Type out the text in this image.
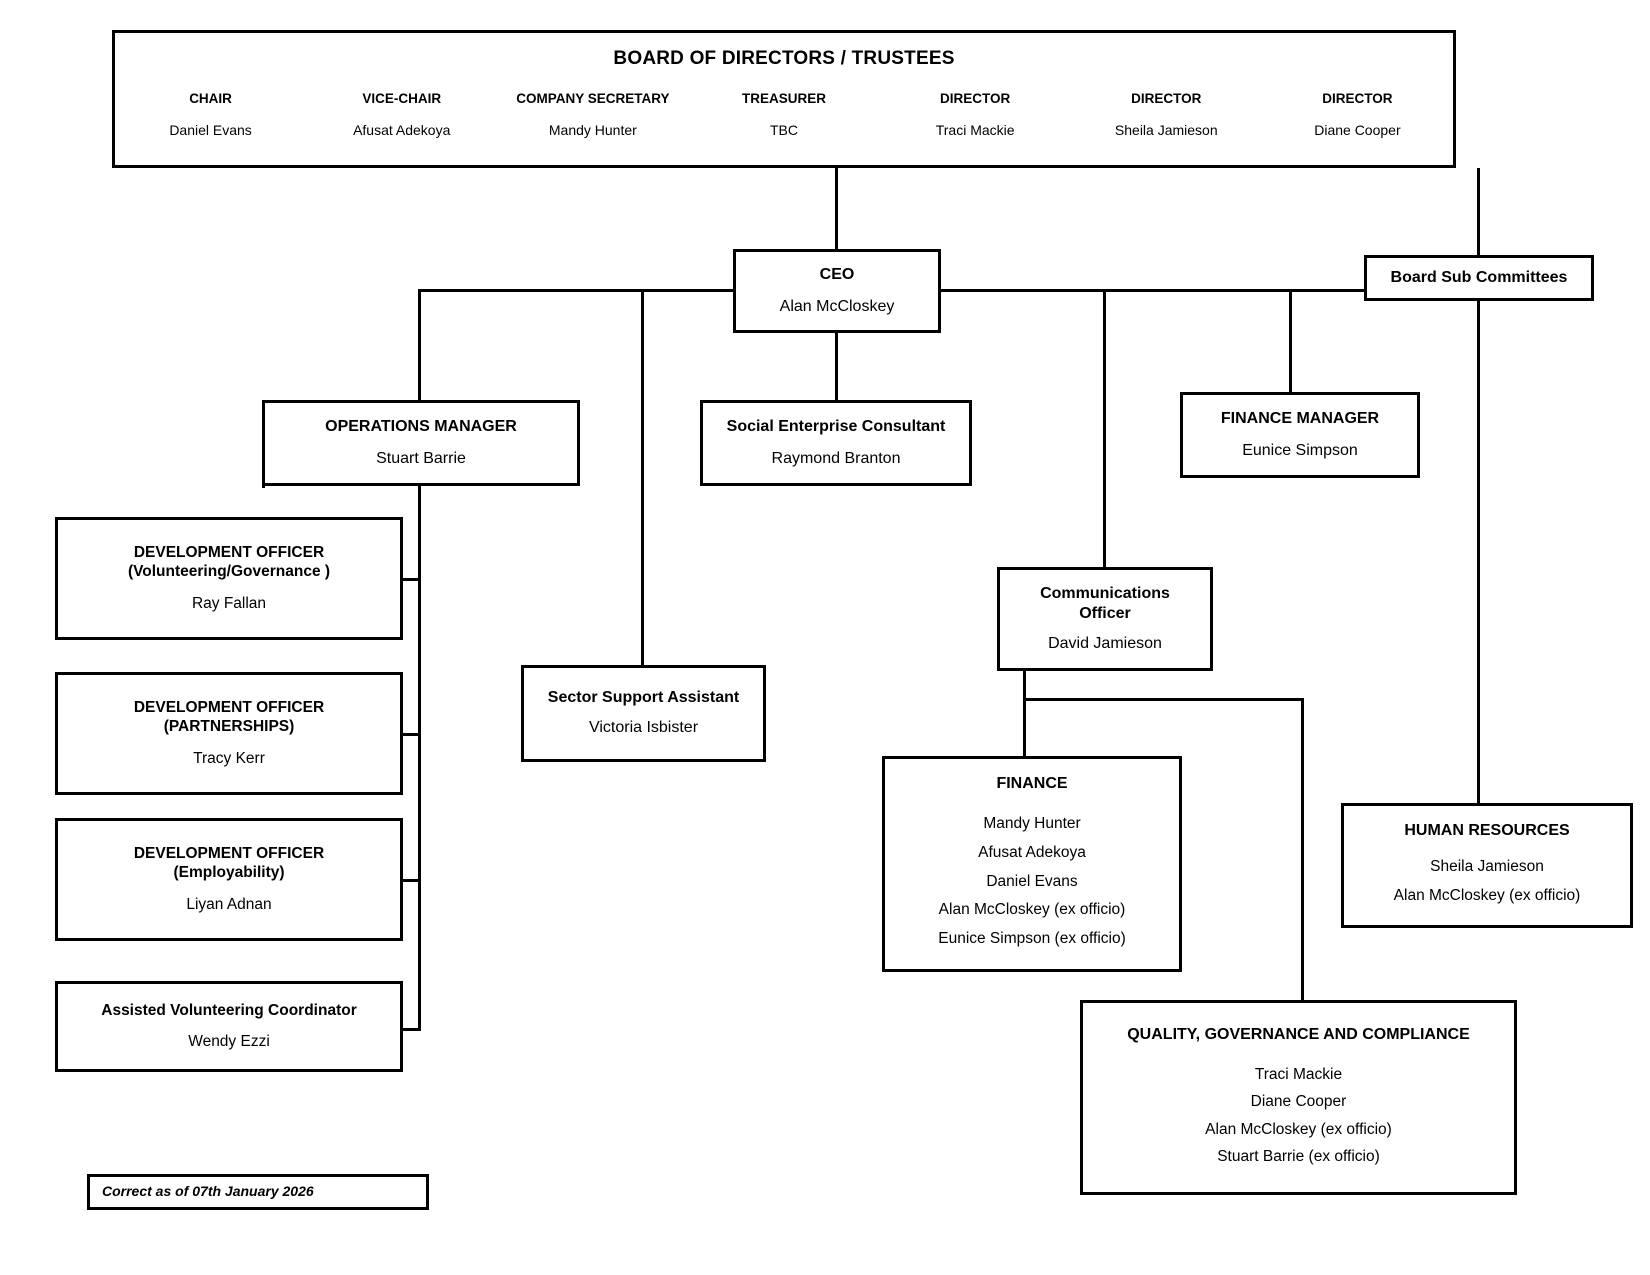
BOARD OF DIRECTORS / TRUSTEES
CHAIR	VICE-CHAIR	COMPANY SECRETARY	TREASURER	DIRECTOR	DIRECTOR	DIRECTOR
Daniel Evans	Afusat Adekoya	Mandy Hunter	TBC	Traci Mackie	Sheila Jamieson	Diane Cooper
CEO
Alan McCloskey
Board Sub Committees
OPERATIONS MANAGER
Stuart Barrie
Social Enterprise Consultant
Raymond Branton
FINANCE MANAGER
Eunice Simpson
Communications
Officer
David Jamieson
DEVELOPMENT OFFICER
(Volunteering/Governance )
Ray Fallan
DEVELOPMENT OFFICER
(PARTNERSHIPS)
Tracy Kerr
DEVELOPMENT OFFICER
(Employability)
Liyan Adnan
Assisted Volunteering Coordinator
Wendy Ezzi
Sector Support Assistant
Victoria Isbister
FINANCE
Mandy Hunter
Afusat Adekoya
Daniel Evans
Alan McCloskey (ex officio)
Eunice Simpson (ex officio)
HUMAN RESOURCES
Sheila Jamieson
Alan McCloskey (ex officio)
QUALITY, GOVERNANCE AND COMPLIANCE
Traci Mackie
Diane Cooper
Alan McCloskey (ex officio)
Stuart Barrie (ex officio)
Correct as of 07th January 2026
